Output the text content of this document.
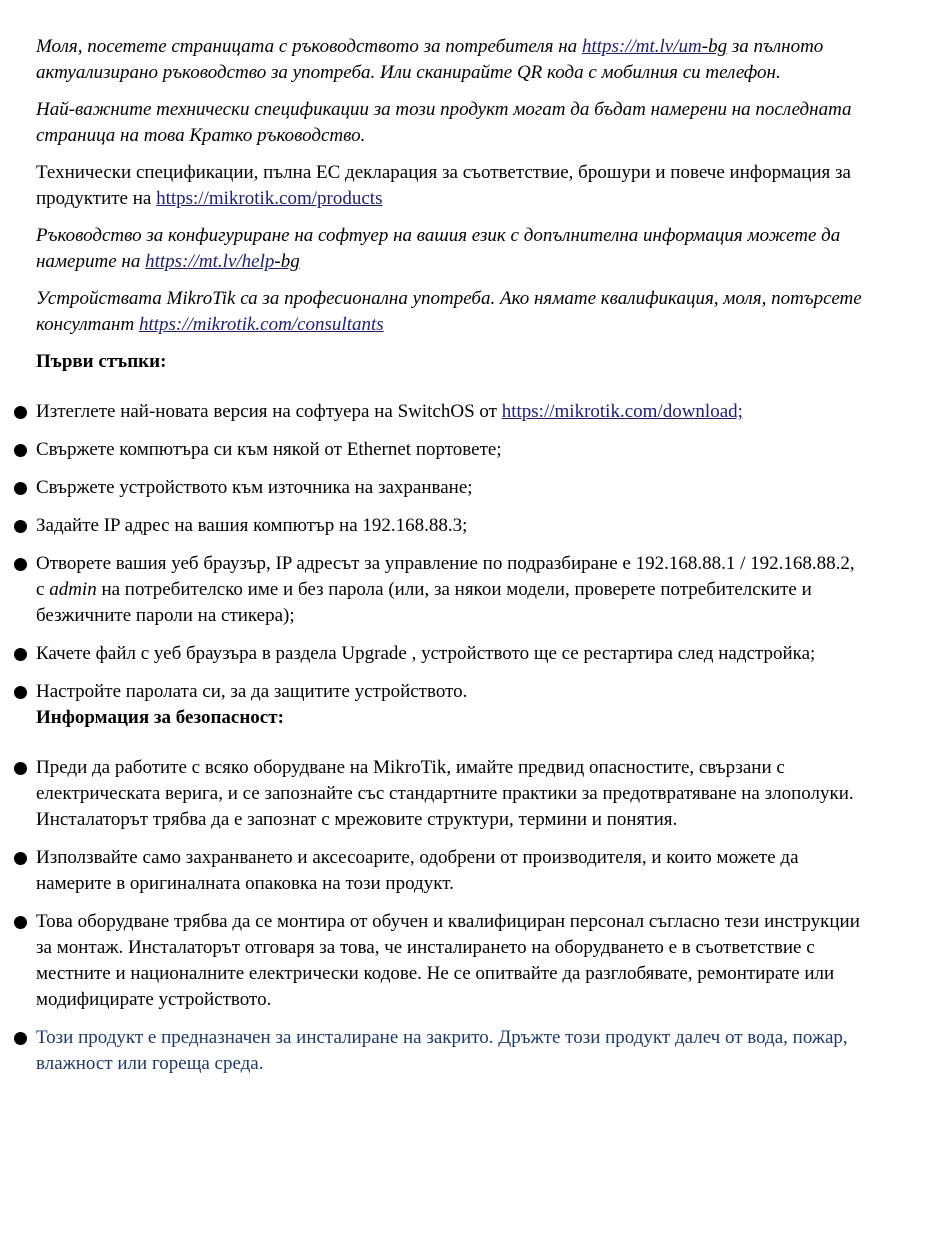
Моля, посетете страницата с ръководството за потребителя на https://mt.lv/um-bg за пълното актуализирано ръководство за употреба. Или сканирайте QR кода с мобилния си телефон.

Най-важните технически спецификации за този продукт могат да бъдат намерени на последната страница на това Кратко ръководство.

Технически спецификации, пълна ЕС декларация за съответствие, брошури и повече информация за продуктите на https://mikrotik.com/products

Ръководство за конфигуриране на софтуер на вашия език с допълнителна информация можете да намерите на https://mt.lv/help-bg

Устройствата MikroTik са за професионална употреба. Ако нямате квалификация, моля, потърсете консултант https://mikrotik.com/consultants

Първи стъпки:
Изтеглете най-новата версия на софтуера на SwitchOS от https://mikrotik.com/download;
Свържете компютъра си към някой от Ethernet портовете;
Свържете устройството към източника на захранване;
Задайте IP адрес на вашия компютър на 192.168.88.3;
Отворете вашия уеб браузър, IP адресът за управление по подразбиране е 192.168.88.1 / 192.168.88.2, с admin на потребителско име и без парола (или, за някои модели, проверете потребителските и безжичните пароли на стикера);
Качете файл с уеб браузъра в раздела Upgrade , устройството ще се рестартира след надстройка;
Настройте паролата си, за да защитите устройството.
Информация за безопасност:
Преди да работите с всяко оборудване на MikroTik, имайте предвид опасностите, свързани с електрическата верига, и се запознайте със стандартните практики за предотвратяване на злополуки. Инсталаторът трябва да е запознат с мрежовите структури, термини и понятия.
Използвайте само захранването и аксесоарите, одобрени от производителя, и които можете да намерите в оригиналната опаковка на този продукт.
Това оборудване трябва да се монтира от обучен и квалифициран персонал съгласно тези инструкции за монтаж. Инсталаторът отговаря за това, че инсталирането на оборудването е в съответствие с местните и националните електрически кодове. Не се опитвайте да разглобявате, ремонтирате или модифицирате устройството.
Този продукт е предназначен за инсталиране на закрито. Дръжте този продукт далеч от вода, пожар, влажност или гореща среда.
